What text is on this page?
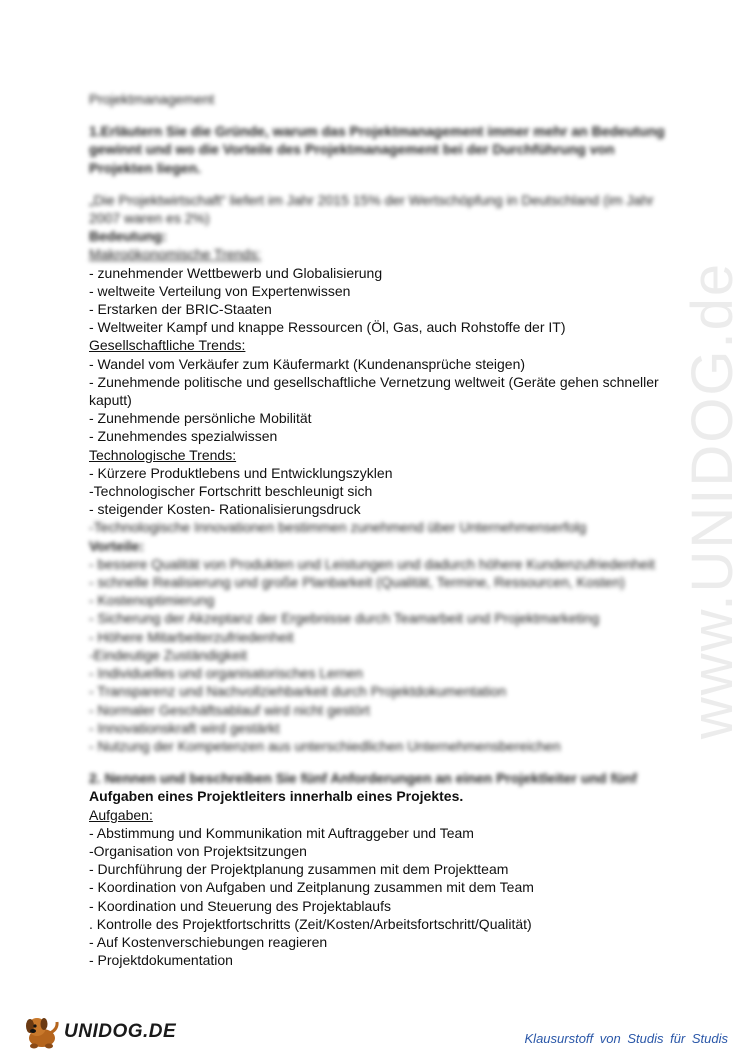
www.UNIDOG.de
Projektmanagement
1.Erläutern Sie die Gründe, warum das Projektmanagement immer mehr an Bedeutung gewinnt und wo die Vorteile des Projektmanagement bei der Durchführung von Projekten liegen.
„Die Projektwirtschaft“ liefert im Jahr 2015 15% der Wertschöpfung in Deutschland (im Jahr 2007 waren es 2%)
Bedeutung:
Makroökonomische Trends:
- zunehmender Wettbewerb und Globalisierung
- weltweite Verteilung von Expertenwissen
- Erstarken der BRIC-Staaten
- Weltweiter Kampf und knappe Ressourcen (Öl, Gas, auch Rohstoffe der IT)
Gesellschaftliche Trends:
- Wandel vom Verkäufer zum Käufermarkt (Kundenansprüche steigen)
- Zunehmende politische und gesellschaftliche Vernetzung weltweit (Geräte gehen schneller kaputt)
- Zunehmende persönliche Mobilität
- Zunehmendes spezialwissen
Technologische Trends:
- Kürzere Produktlebens und Entwicklungszyklen
-Technologischer Fortschritt beschleunigt sich
- steigender Kosten- Rationalisierungsdruck
-Technologische Innovationen bestimmen zunehmend über Unternehmenserfolg
Vorteile:
- bessere Qualität von Produkten und Leistungen und dadurch höhere Kundenzufriedenheit
- schnelle Realisierung und große Planbarkeit (Qualität, Termine, Ressourcen, Kosten)
- Kostenoptimierung
- Sicherung der Akzeptanz der Ergebnisse durch Teamarbeit und Projektmarketing
- Höhere Mitarbeiterzufriedenheit
-Eindeutige Zuständigkeit
- Individuelles und organisatorisches Lernen
- Transparenz und Nachvollziehbarkeit durch Projektdokumentation
- Normaler Geschäftsablauf wird nicht gestört
- Innovationskraft wird gestärkt
- Nutzung der Kompetenzen aus unterschiedlichen Unternehmensbereichen
2. Nennen und beschreiben Sie fünf Anforderungen an einen Projektleiter und fünf
Aufgaben eines Projektleiters innerhalb eines Projektes.
Aufgaben:
- Abstimmung und Kommunikation mit Auftraggeber und Team
-Organisation von Projektsitzungen
- Durchführung der Projektplanung zusammen mit dem Projektteam
- Koordination von Aufgaben und Zeitplanung zusammen mit dem Team
- Koordination und Steuerung des Projektablaufs
. Kontrolle des Projektfortschritts (Zeit/Kosten/Arbeitsfortschritt/Qualität)
- Auf Kostenverschiebungen reagieren
- Projektdokumentation
UNIDOG.DE	Klausurstoff von Studis für Studis
